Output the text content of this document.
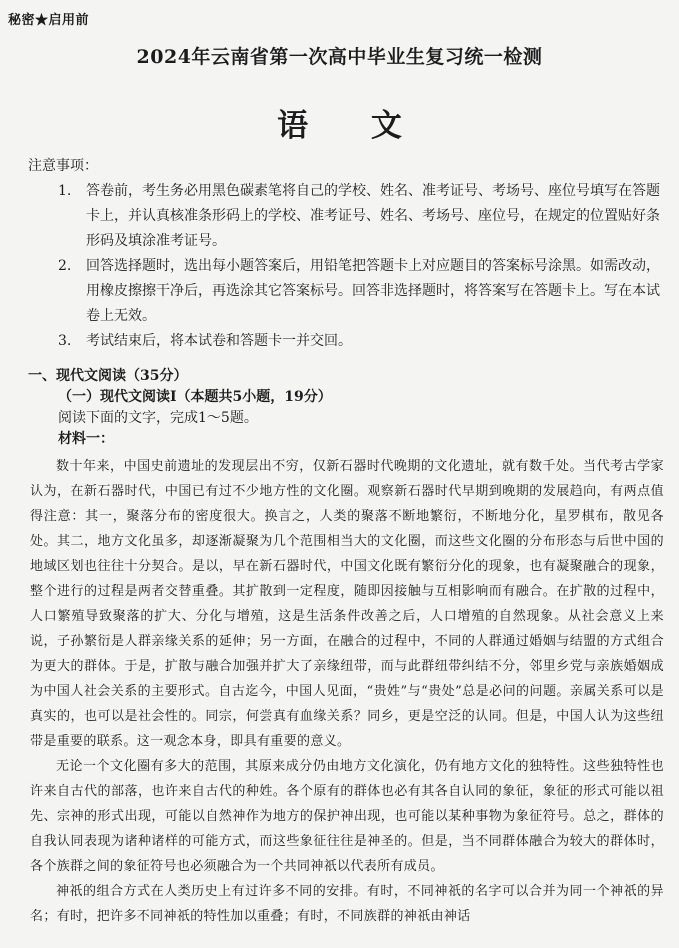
秘密★启用前
2024年云南省第一次高中毕业生复习统一检测
语 文

注意事项：

1. 答卷前，考生务必用黑色碳素笔将自己的学校、姓名、准考证号、考场号、座位号填写在答题卡上，并认真核准条形码上的学校、准考证号、姓名、考场号、座位号，在规定的位置贴好条形码及填涂准考证号。
2. 回答选择题时，选出每小题答案后，用铅笔把答题卡上对应题目的答案标号涂黑。如需改动，用橡皮擦擦干净后，再选涂其它答案标号。回答非选择题时，将答案写在答题卡上。写在本试卷上无效。
3. 考试结束后，将本试卷和答题卡一并交回。

一、现代文阅读（35分）

（一）现代文阅读Ⅰ（本题共5小题，19分）

阅读下面的文字，完成1～5题。

材料一：

数十年来，中国史前遗址的发现层出不穷，仅新石器时代晚期的文化遗址，就有数千处。当代考古学家认为，在新石器时代，中国已有过不少地方性的文化圈。观察新石器时代早期到晚期的发展趋向，有两点值得注意：其一，聚落分布的密度很大。换言之，人类的聚落不断地繁衍，不断地分化，星罗棋布，散见各处。其二，地方文化虽多，却逐渐凝聚为几个范围相当大的文化圈，而这些文化圈的分布形态与后世中国的地域区划也往往十分契合。是以，早在新石器时代，中国文化既有繁衍分化的现象，也有凝聚融合的现象，整个进行的过程是两者交替重叠。其扩散到一定程度，随即因接触与互相影响而有融合。在扩散的过程中，人口繁殖导致聚落的扩大、分化与增殖，这是生活条件改善之后，人口增殖的自然现象。从社会意义上来说，子孙繁衍是人群亲缘关系的延伸；另一方面，在融合的过程中，不同的人群通过婚姻与结盟的方式组合为更大的群体。于是，扩散与融合加强并扩大了亲缘纽带，而与此群纽带纠结不分，邻里乡党与亲族婚姻成为中国人社会关系的主要形式。自古迄今，中国人见面，“贵姓”与“贵处”总是必问的问题。亲属关系可以是真实的，也可以是社会性的。同宗，何尝真有血缘关系？同乡，更是空泛的认同。但是，中国人认为这些纽带是重要的联系。这一观念本身，即具有重要的意义。

无论一个文化圈有多大的范围，其原来成分仍由地方文化演化，仍有地方文化的独特性。这些独特性也许来自古代的部落，也许来自古代的种姓。各个原有的群体也必有其各自认同的象征，象征的形式可能以祖先、宗神的形式出现，可能以自然神作为地方的保护神出现，也可能以某种事物为象征符号。总之，群体的自我认同表现为诸种诸样的可能方式，而这些象征往往是神圣的。但是，当不同群体融合为较大的群体时，各个族群之间的象征符号也必须融合为一个共同神祇以代表所有成员。

神祇的组合方式在人类历史上有过许多不同的安排。有时，不同神祇的名字可以合并为同一个神祇的异名；有时，把许多不同神祇的特性加以重叠；有时，不同族群的神祇由神话
